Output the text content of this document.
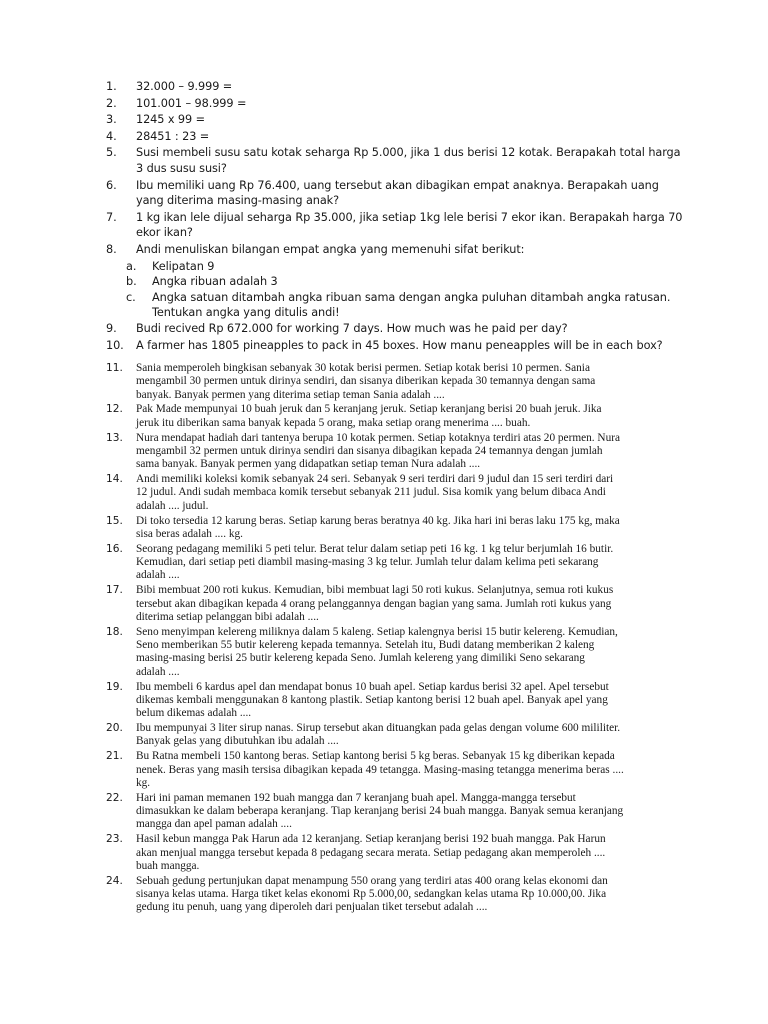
1.	32.000 – 9.999 =
2.	101.001 – 98.999 =
3.	1245 x 99 =
4.	28451 : 23 =
5.	Susi membeli susu satu kotak seharga Rp 5.000, jika 1 dus berisi 12 kotak. Berapakah total harga
3 dus susu susi?
6.	Ibu memiliki uang Rp 76.400, uang tersebut akan dibagikan empat anaknya. Berapakah uang
yang diterima masing-masing anak?
7.	1 kg ikan lele dijual seharga Rp 35.000, jika setiap 1kg lele berisi 7 ekor ikan. Berapakah harga 70
ekor ikan?
8.	Andi menuliskan bilangan empat angka yang memenuhi sifat berikut:
a.	Kelipatan 9
b.	Angka ribuan adalah 3
c.	Angka satuan ditambah angka ribuan sama dengan angka puluhan ditambah angka ratusan.
Tentukan angka yang ditulis andi!
9.	Budi recived Rp 672.000 for working 7 days. How much was he paid per day?
10.	A farmer has 1805 pineapples to pack in 45 boxes. How manu peneapples will be in each box?
11.	Sania memperoleh bingkisan sebanyak 30 kotak berisi permen. Setiap kotak berisi 10 permen. Sania
mengambil 30 permen untuk dirinya sendiri, dan sisanya diberikan kepada 30 temannya dengan sama
banyak. Banyak permen yang diterima setiap teman Sania adalah ....
12.	Pak Made mempunyai 10 buah jeruk dan 5 keranjang jeruk. Setiap keranjang berisi 20 buah jeruk. Jika
jeruk itu diberikan sama banyak kepada 5 orang, maka setiap orang menerima .... buah.
13.	Nura mendapat hadiah dari tantenya berupa 10 kotak permen. Setiap kotaknya terdiri atas 20 permen. Nura
mengambil 32 permen untuk dirinya sendiri dan sisanya dibagikan kepada 24 temannya dengan jumlah
sama banyak. Banyak permen yang didapatkan setiap teman Nura adalah ....
14.	Andi memiliki koleksi komik sebanyak 24 seri. Sebanyak 9 seri terdiri dari 9 judul dan 15 seri terdiri dari
12 judul. Andi sudah membaca komik tersebut sebanyak 211 judul. Sisa komik yang belum dibaca Andi
adalah .... judul.
15.	Di toko tersedia 12 karung beras. Setiap karung beras beratnya 40 kg. Jika hari ini beras laku 175 kg, maka
sisa beras adalah .... kg.
16.	Seorang pedagang memiliki 5 peti telur. Berat telur dalam setiap peti 16 kg. 1 kg telur berjumlah 16 butir.
Kemudian, dari setiap peti diambil masing-masing 3 kg telur. Jumlah telur dalam kelima peti sekarang
adalah ....
17.	Bibi membuat 200 roti kukus. Kemudian, bibi membuat lagi 50 roti kukus. Selanjutnya, semua roti kukus
tersebut akan dibagikan kepada 4 orang pelanggannya dengan bagian yang sama. Jumlah roti kukus yang
diterima setiap pelanggan bibi adalah ....
18.	Seno menyimpan kelereng miliknya dalam 5 kaleng. Setiap kalengnya berisi 15 butir kelereng. Kemudian,
Seno memberikan 55 butir kelereng kepada temannya. Setelah itu, Budi datang memberikan 2 kaleng
masing-masing berisi 25 butir kelereng kepada Seno. Jumlah kelereng yang dimiliki Seno sekarang
adalah ....
19.	Ibu membeli 6 kardus apel dan mendapat bonus 10 buah apel. Setiap kardus berisi 32 apel. Apel tersebut
dikemas kembali menggunakan 8 kantong plastik. Setiap kantong berisi 12 buah apel. Banyak apel yang
belum dikemas adalah ....
20.	Ibu mempunyai 3 liter sirup nanas. Sirup tersebut akan dituangkan pada gelas dengan volume 600 mililiter.
Banyak gelas yang dibutuhkan ibu adalah ....
21.	Bu Ratna membeli 150 kantong beras. Setiap kantong berisi 5 kg beras. Sebanyak 15 kg diberikan kepada
nenek. Beras yang masih tersisa dibagikan kepada 49 tetangga. Masing-masing tetangga menerima beras ....
kg.
22.	Hari ini paman memanen 192 buah mangga dan 7 keranjang buah apel. Mangga-mangga tersebut
dimasukkan ke dalam beberapa keranjang. Tiap keranjang berisi 24 buah mangga. Banyak semua keranjang
mangga dan apel paman adalah ....
23.	Hasil kebun mangga Pak Harun ada 12 keranjang. Setiap keranjang berisi 192 buah mangga. Pak Harun
akan menjual mangga tersebut kepada 8 pedagang secara merata. Setiap pedagang akan memperoleh ....
buah mangga.
24.	Sebuah gedung pertunjukan dapat menampung 550 orang yang terdiri atas 400 orang kelas ekonomi dan
sisanya kelas utama. Harga tiket kelas ekonomi Rp 5.000,00, sedangkan kelas utama Rp 10.000,00. Jika
gedung itu penuh, uang yang diperoleh dari penjualan tiket tersebut adalah ....
